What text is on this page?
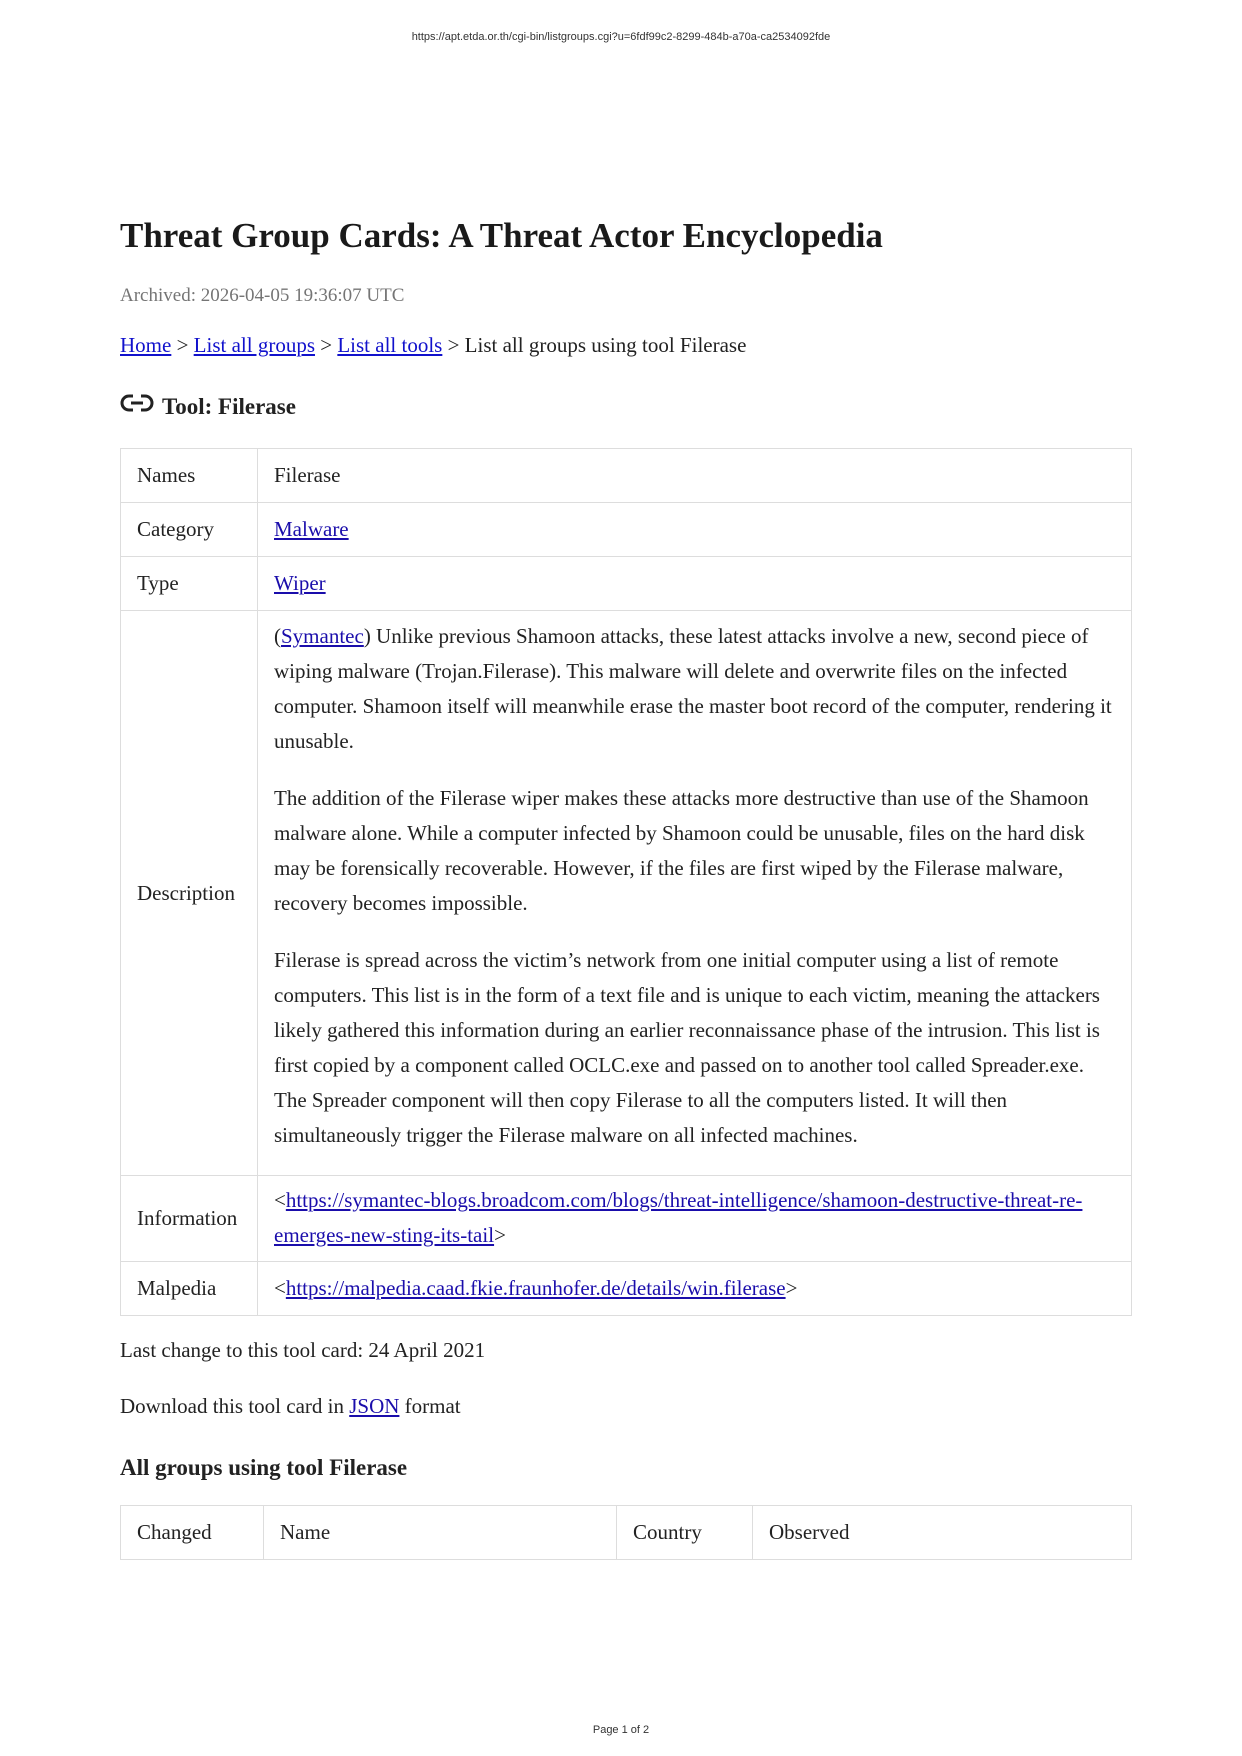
https://apt.etda.or.th/cgi-bin/listgroups.cgi?u=6fdf99c2-8299-484b-a70a-ca2534092fde
Threat Group Cards: A Threat Actor Encyclopedia
Archived: 2026-04-05 19:36:07 UTC
Home > List all groups > List all tools > List all groups using tool Filerase
Tool: Filerase
Names	Filerase
Category	Malware
Type	Wiper
Description	(Symantec) Unlike previous Shamoon attacks, these latest attacks involve a new, second piece of wiping malware (Trojan.Filerase). This malware will delete and overwrite files on the infected computer. Shamoon itself will meanwhile erase the master boot record of the computer, rendering it unusable.

The addition of the Filerase wiper makes these attacks more destructive than use of the Shamoon malware alone. While a computer infected by Shamoon could be unusable, files on the hard disk may be forensically recoverable. However, if the files are first wiped by the Filerase malware, recovery becomes impossible.

Filerase is spread across the victim’s network from one initial computer using a list of remote computers. This list is in the form of a text file and is unique to each victim, meaning the attackers likely gathered this information during an earlier reconnaissance phase of the intrusion. This list is first copied by a component called OCLC.exe and passed on to another tool called Spreader.exe. The Spreader component will then copy Filerase to all the computers listed. It will then simultaneously trigger the Filerase malware on all infected machines.

Information	<https://symantec-blogs.broadcom.com/blogs/threat-intelligence/shamoon-destructive-threat-re-emerges-new-sting-its-tail>
Malpedia	<https://malpedia.caad.fkie.fraunhofer.de/details/win.filerase>
Last change to this tool card: 24 April 2021
Download this tool card in JSON format
All groups using tool Filerase
Changed	Name	Country	Observed
Page 1 of 2
